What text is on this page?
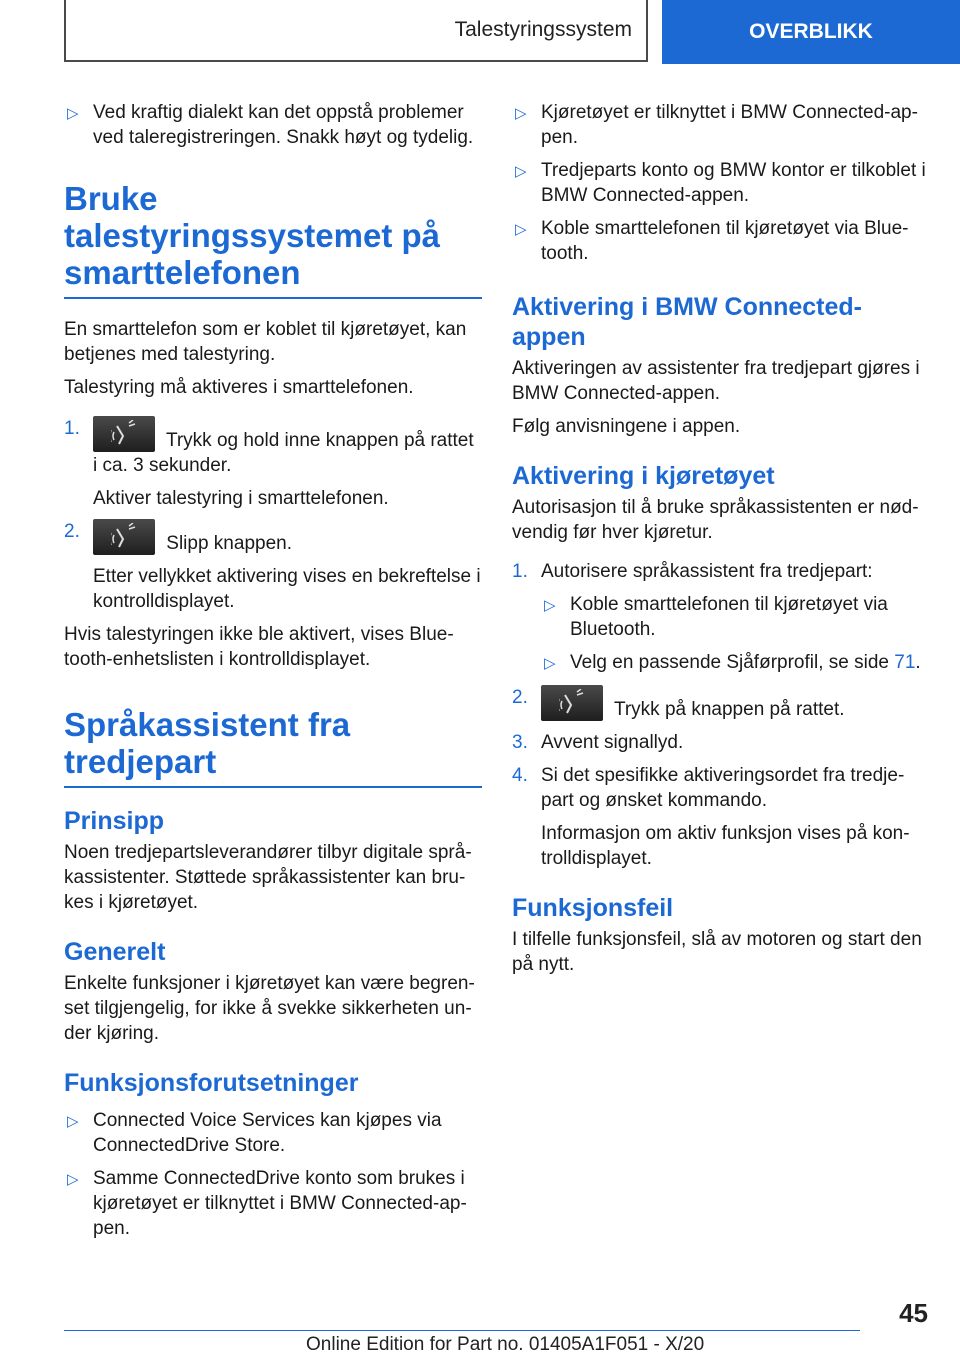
Talestyringssystem	OVERBLIKK
▷ Ved kraftig dialekt kan det oppstå problemer ved taleregistreringen. Snakk høyt og tydelig.
Bruke talestyringssystemet på smarttelefonen

En smarttelefon som er koblet til kjøretøyet, kan betjenes med talestyring.

Talestyring må aktiveres i smarttelefonen.

1.
Trykk og hold inne knappen på rattet i ca. 3 sekunder.

Aktiver talestyring i smarttelefonen.

2.
Slipp knappen.

Etter vellykket aktivering vises en bekreftelse i kontrolldisplayet.

Hvis talestyringen ikke ble aktivert, vises Bluetooth-enhetslisten i kontrolldisplayet.

Språkassistent fra tredjepart
Prinsipp

Noen tredjepartsleverandører tilbyr digitale språkassistenter. Støttede språkassistenter kan brukes i kjøretøyet.

Generelt

Enkelte funksjoner i kjøretøyet kan være begrenset tilgjengelig, for ikke å svekke sikkerheten under kjøring.

Funksjonsforutsetninger
▷ Connected Voice Services kan kjøpes via ConnectedDrive Store.
▷ Samme ConnectedDrive konto som brukes i kjøretøyet er tilknyttet i BMW Connected-appen.
▷ Kjøretøyet er tilknyttet i BMW Connected-appen.
▷ Tredjeparts konto og BMW kontor er tilkoblet i BMW Connected-appen.
▷ Koble smarttelefonen til kjøretøyet via Bluetooth.
Aktivering i BMW Connected-appen

Aktiveringen av assistenter fra tredjepart gjøres i BMW Connected-appen.

Følg anvisningene i appen.

Aktivering i kjøretøyet

Autorisasjon til å bruke språkassistenten er nødvendig før hver kjøretur.

1. Autorisere språkassistent fra tredjepart:
▷ Koble smarttelefonen til kjøretøyet via Bluetooth.
▷ Velg en passende Sjåførprofil, se side 71.
2.
Trykk på knappen på rattet.
3. Avvent signallyd.
4. Si det spesifikke aktiveringsordet fra tredjepart og ønsket kommando.

Informasjon om aktiv funksjon vises på kontrolldisplayet.

Funksjonsfeil

I tilfelle funksjonsfeil, slå av motoren og start den på nytt.

45
Online Edition for Part no. 01405A1F051 - X/20
